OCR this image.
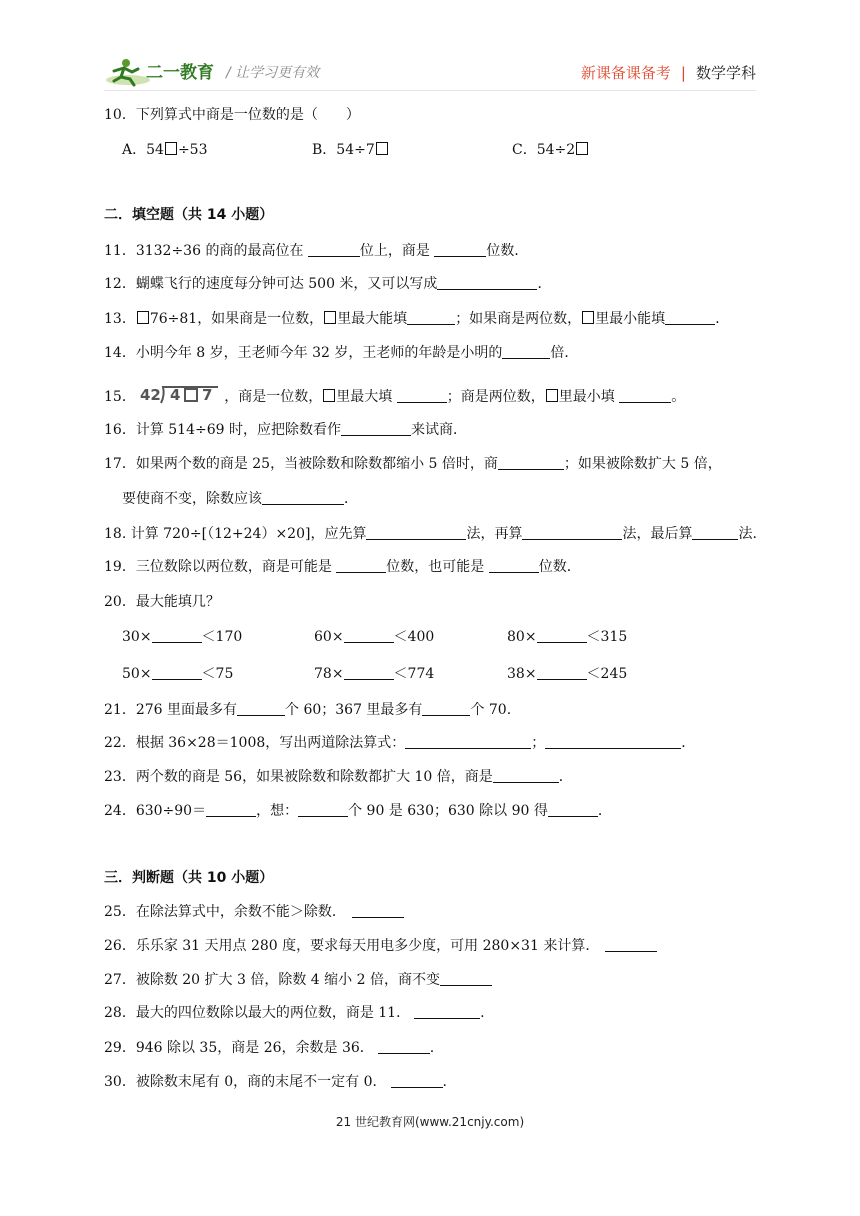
二一教育 / 让学习更有效	新课备课备考 | 数学学科
10．下列算式中商是一位数的是（　　）
A．54 ÷53	B．54÷7	C．54÷2
二．填空题（共 14 小题）
11．3132÷36 的商的最高位在	位上，商是	位数．
12．蝴蝶飞行的速度每分钟可达 500 米，又可以写成	．
13． 76÷81，如果商是一位数， 里最大能填	；如果商是两位数， 里最小能填	．
14．小明今年 8 岁，王老师今年 32 岁，王老师的年龄是小明的	倍．
15． 42 4 7 ，商是一位数， 里最大填	；商是两位数， 里最小填	。
16．计算 514÷69 时，应把除数看作	来试商．
17．如果两个数的商是 25，当被除数和除数都缩小 5 倍时，商	；如果被除数扩大 5 倍，
要使商不变，除数应该	．
18. 计算 720÷[（12+24）×20]，应先算	法，再算	法，最后算	法.
19．三位数除以两位数，商是可能是	位数，也可能是	位数．
20．最大能填几？
30×	＜170	60×	＜400	80×	＜315
50×	＜75	78×	＜774	38×	＜245
21．276 里面最多有	个 60；367 里最多有	个 70.
22．根据 36×28＝1008，写出两道除法算式：	；	．
23．两个数的商是 56，如果被除数和除数都扩大 10 倍，商是	．
24．630÷90＝	，想：	个 90 是 630；630 除以 90 得	．
三．判断题（共 10 小题）
25．在除法算式中，余数不能＞除数．
26．乐乐家 31 天用点 280 度，要求每天用电多少度，可用 280×31 来计算．
27．被除数 20 扩大 3 倍，除数 4 缩小 2 倍，商不变
28．最大的四位数除以最大的两位数，商是 11．	.
29．946 除以 35，商是 26，余数是 36．	.
30．被除数末尾有 0，商的末尾不一定有 0．	.
21 世纪教育网(www.21cnjy.com)
